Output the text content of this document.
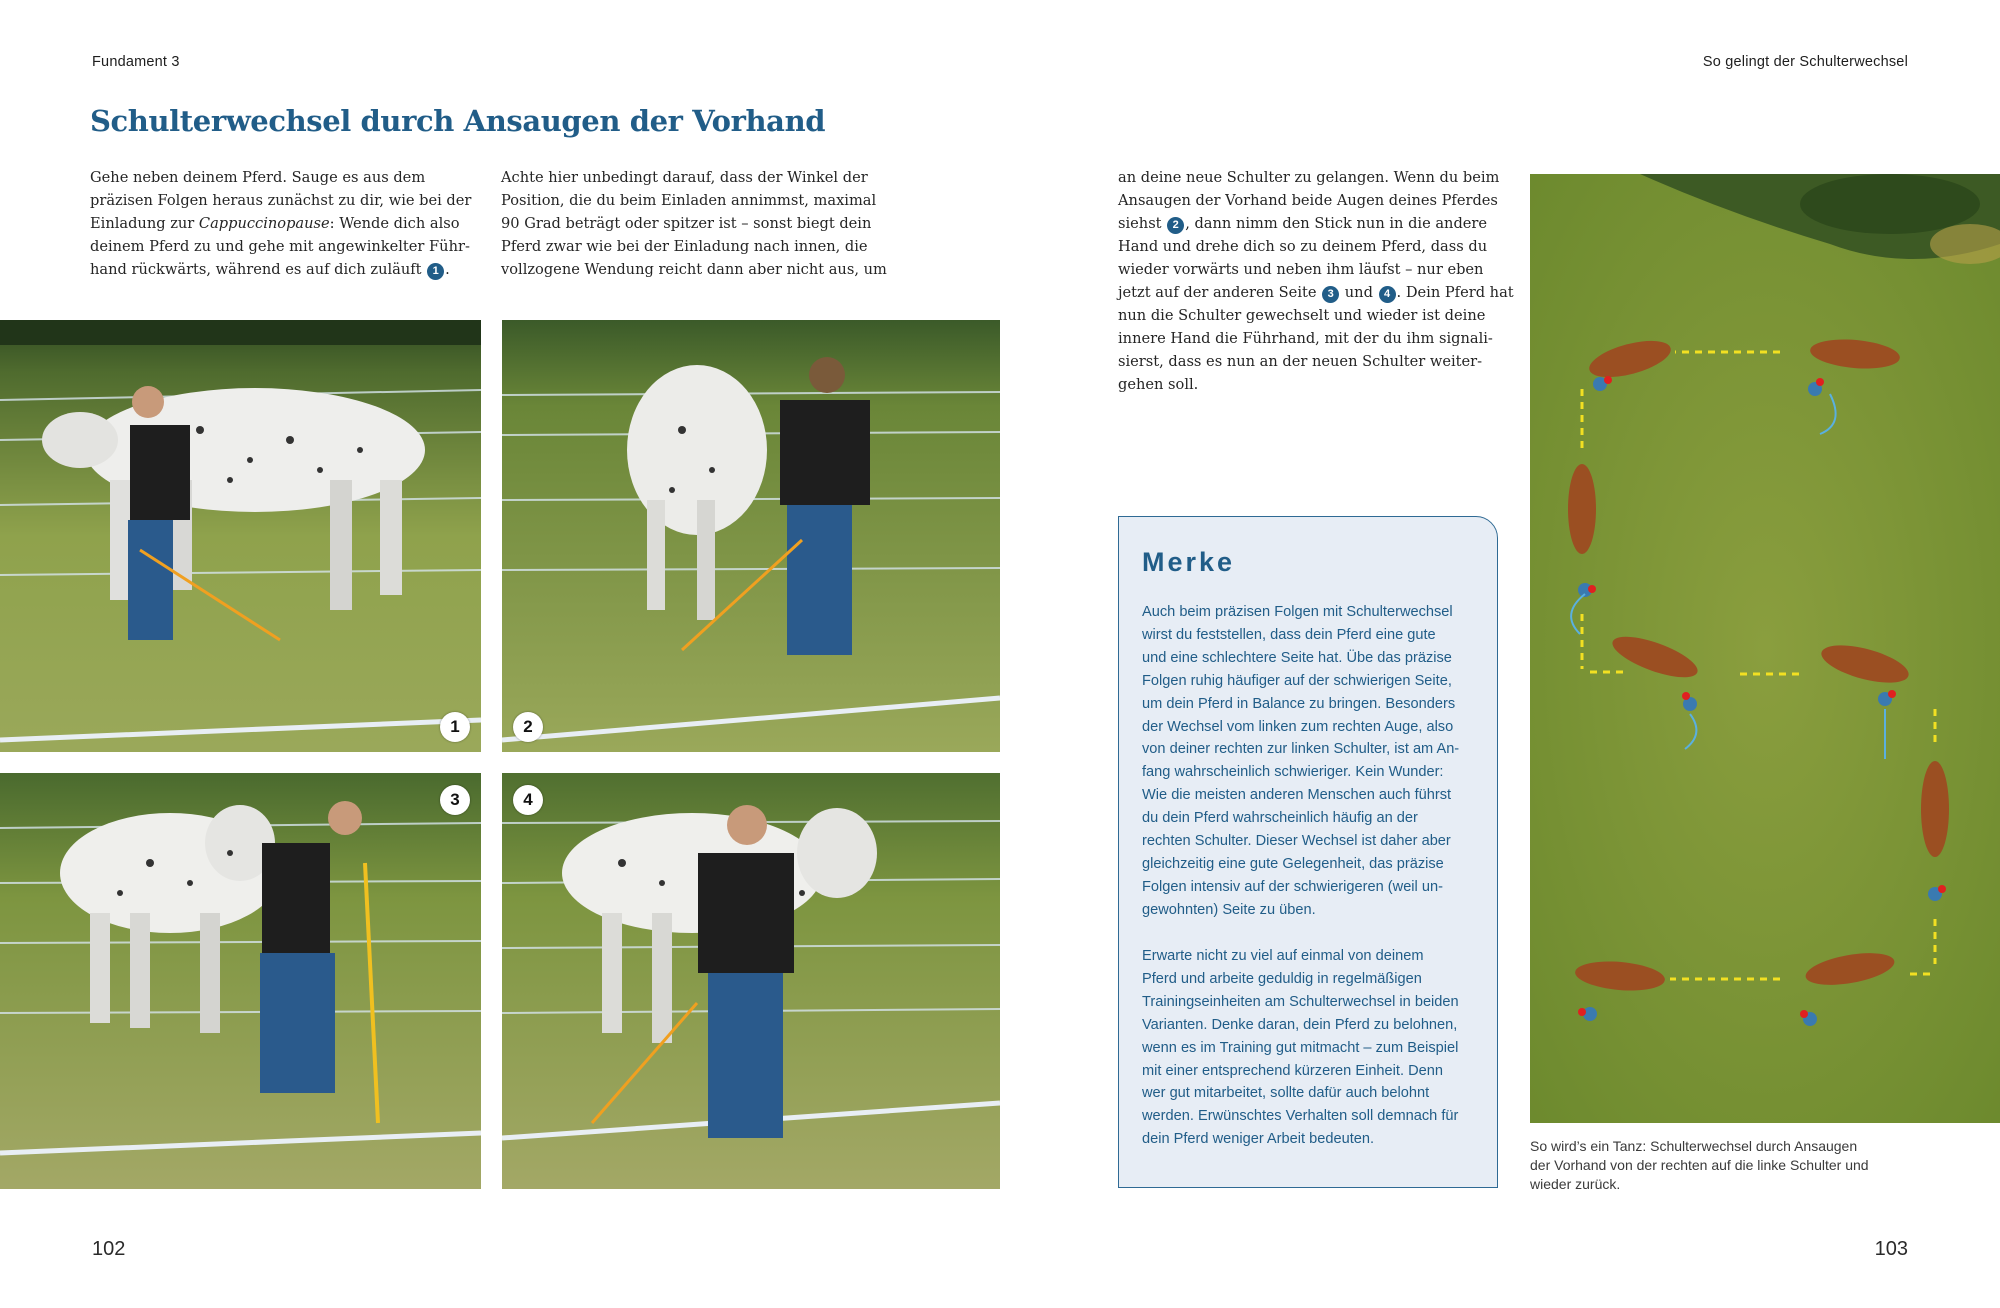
Fundament 3	So gelingt der Schulterwechsel
Schulterwechsel durch Ansaugen der Vorhand

Gehe neben deinem Pferd. Sauge es aus dem

präzisen Folgen heraus zunächst zu dir, wie bei der

Einladung zur Cappuccinopause: Wende dich also

deinem Pferd zu und gehe mit angewinkelter Führ-

hand rückwärts, während es auf dich zuläuft 1 .

Achte hier unbedingt darauf, dass der Winkel der

Position, die du beim Einladen annimmst, maximal

90 Grad beträgt oder spitzer ist – sonst biegt dein

Pferd zwar wie bei der Einladung nach innen, die

vollzogene Wendung reicht dann aber nicht aus, um

an deine neue Schulter zu gelangen. Wenn du beim

Ansaugen der Vorhand beide Augen deines Pferdes

siehst 2 , dann nimm den Stick nun in die andere

Hand und drehe dich so zu deinem Pferd, dass du

wieder vorwärts und neben ihm läufst – nur eben

jetzt auf der anderen Seite 3 und 4 . Dein Pferd hat

nun die Schulter gewechselt und wieder ist deine

innere Hand die Führhand, mit der du ihm signali-

sierst, dass es nun an der neuen Schulter weiter-

gehen soll.

1	2
3	4
Merke

Auch beim präzisen Folgen mit Schulterwechsel

wirst du feststellen, dass dein Pferd eine gute

und eine schlechtere Seite hat. Übe das präzise

Folgen ruhig häufiger auf der schwierigen Seite,

um dein Pferd in Balance zu bringen. Besonders

der Wechsel vom linken zum rechten Auge, also

von deiner rechten zur linken Schulter, ist am An-

fang wahrscheinlich schwieriger. Kein Wunder:

Wie die meisten anderen Menschen auch führst

du dein Pferd wahrscheinlich häufig an der

rechten Schulter. Dieser Wechsel ist daher aber

gleichzeitig eine gute Gelegenheit, das präzise

Folgen intensiv auf der schwierigeren (weil un-

gewohnten) Seite zu üben.

Erwarte nicht zu viel auf einmal von deinem

Pferd und arbeite geduldig in regelmäßigen

Trainingseinheiten am Schulterwechsel in beiden

Varianten. Denke daran, dein Pferd zu belohnen,

wenn es im Training gut mitmacht – zum Beispiel

mit einer entsprechend kürzeren Einheit. Denn

wer gut mitarbeitet, sollte dafür auch belohnt

werden. Erwünschtes Verhalten soll demnach für

dein Pferd weniger Arbeit bedeuten.	So wird’s ein Tanz: Schulterwechsel durch Ansaugen

der Vorhand von der rechten auf die linke Schulter und

wieder zurück.

102	103
